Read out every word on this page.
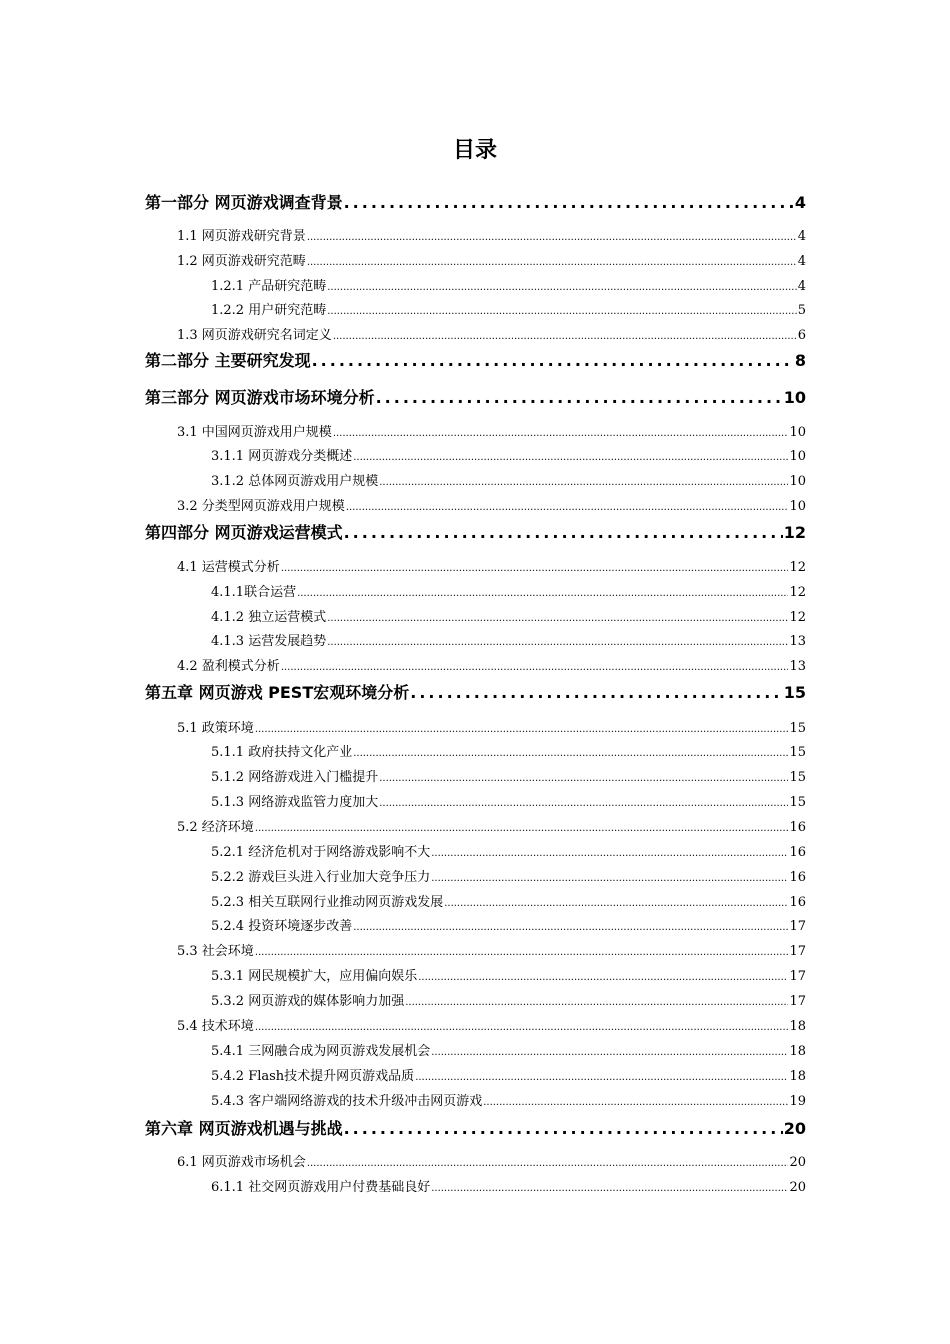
目录
第一部分 网页游戏调查背景 .....	4
1.1 网页游戏研究背景 .....	4
1.2 网页游戏研究范畴 .....	4
1.2.1 产品研究范畴 .....	4
1.2.2 用户研究范畴 .....	5
1.3 网页游戏研究名词定义 .....	6
第二部分 主要研究发现 .....	8
第三部分 网页游戏市场环境分析 .....	10
3.1 中国网页游戏用户规模 .....	10
3.1.1 网页游戏分类概述 .....	10
3.1.2 总体网页游戏用户规模 .....	10
3.2 分类型网页游戏用户规模 .....	10
第四部分 网页游戏运营模式 .....	12
4.1 运营模式分析 .....	12
4.1.1联合运营 .....	12
4.1.2 独立运营模式 .....	12
4.1.3 运营发展趋势 .....	13
4.2 盈利模式分析 .....	13
第五章 网页游戏 PEST宏观环境分析 .....	15
5.1 政策环境 .....	15
5.1.1 政府扶持文化产业 .....	15
5.1.2 网络游戏进入门槛提升 .....	15
5.1.3 网络游戏监管力度加大 .....	15
5.2 经济环境 .....	16
5.2.1 经济危机对于网络游戏影响不大 .....	16
5.2.2 游戏巨头进入行业加大竞争压力 .....	16
5.2.3 相关互联网行业推动网页游戏发展 .....	16
5.2.4 投资环境逐步改善 .....	17
5.3 社会环境 .....	17
5.3.1 网民规模扩大，应用偏向娱乐 .....	17
5.3.2 网页游戏的媒体影响力加强 .....	17
5.4 技术环境 .....	18
5.4.1 三网融合成为网页游戏发展机会 .....	18
5.4.2 Flash技术提升网页游戏品质 .....	18
5.4.3 客户端网络游戏的技术升级冲击网页游戏 .....	19
第六章 网页游戏机遇与挑战 .....	20
6.1 网页游戏市场机会 .....	20
6.1.1 社交网页游戏用户付费基础良好 .....	20
